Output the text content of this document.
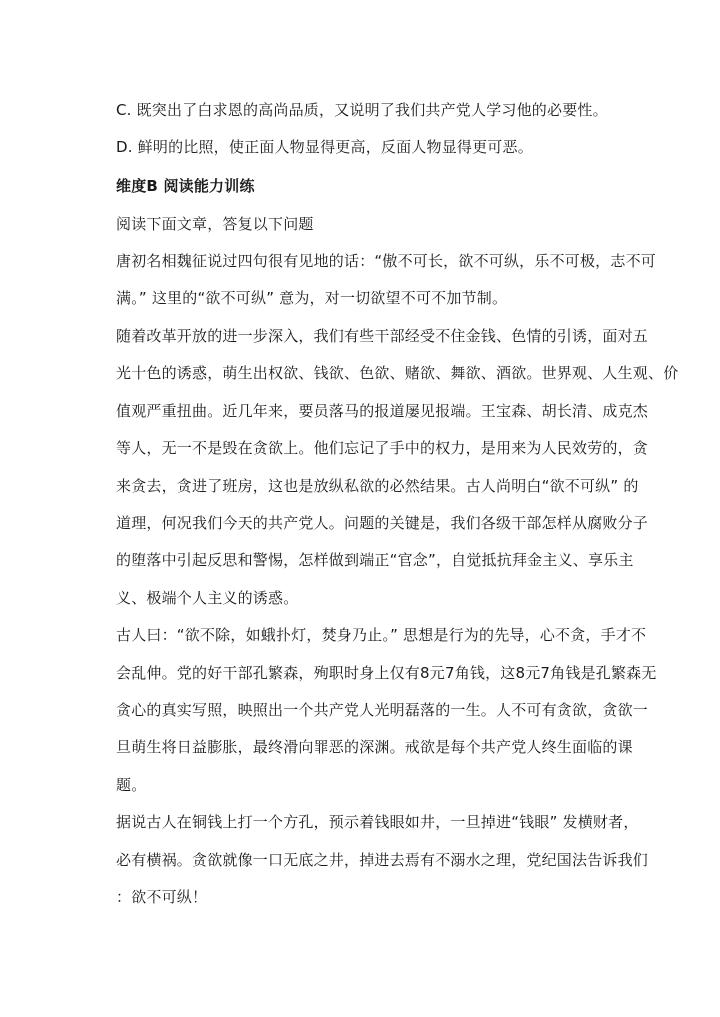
C. 既突出了白求恩的高尚品质，又说明了我们共产党人学习他的必要性。
D. 鲜明的比照，使正面人物显得更高，反面人物显得更可恶。
维度B 阅读能力训练
阅读下面文章，答复以下问题
唐初名相魏征说过四句很有见地的话：“傲不可长，欲不可纵，乐不可极，志不可
满。” 这里的“欲不可纵” 意为，对一切欲望不可不加节制。
随着改革开放的进一步深入，我们有些干部经受不住金钱、色情的引诱，面对五
光十色的诱惑，萌生出权欲、钱欲、色欲、赌欲、舞欲、酒欲。世界观、人生观、价
值观严重扭曲。近几年来，要员落马的报道屡见报端。王宝森、胡长清、成克杰
等人，无一不是毁在贪欲上。他们忘记了手中的权力，是用来为人民效劳的，贪
来贪去，贪进了班房，这也是放纵私欲的必然结果。古人尚明白“欲不可纵” 的
道理，何况我们今天的共产党人。问题的关键是，我们各级干部怎样从腐败分子
的堕落中引起反思和警惕，怎样做到端正“官念”，自觉抵抗拜金主义、享乐主
义、极端个人主义的诱惑。
古人曰：“欲不除，如蛾扑灯，焚身乃止。” 思想是行为的先导，心不贪，手才不
会乱伸。党的好干部孔繁森，殉职时身上仅有8元7角钱，这8元7角钱是孔繁森无
贪心的真实写照，映照出一个共产党人光明磊落的一生。人不可有贪欲，贪欲一
旦萌生将日益膨胀，最终滑向罪恶的深渊。戒欲是每个共产党人终生面临的课
题。
据说古人在铜钱上打一个方孔，预示着钱眼如井，一旦掉进“钱眼” 发横财者，
必有横祸。贪欲就像一口无底之井，掉进去焉有不溺水之理，党纪国法告诉我们
：欲不可纵！
